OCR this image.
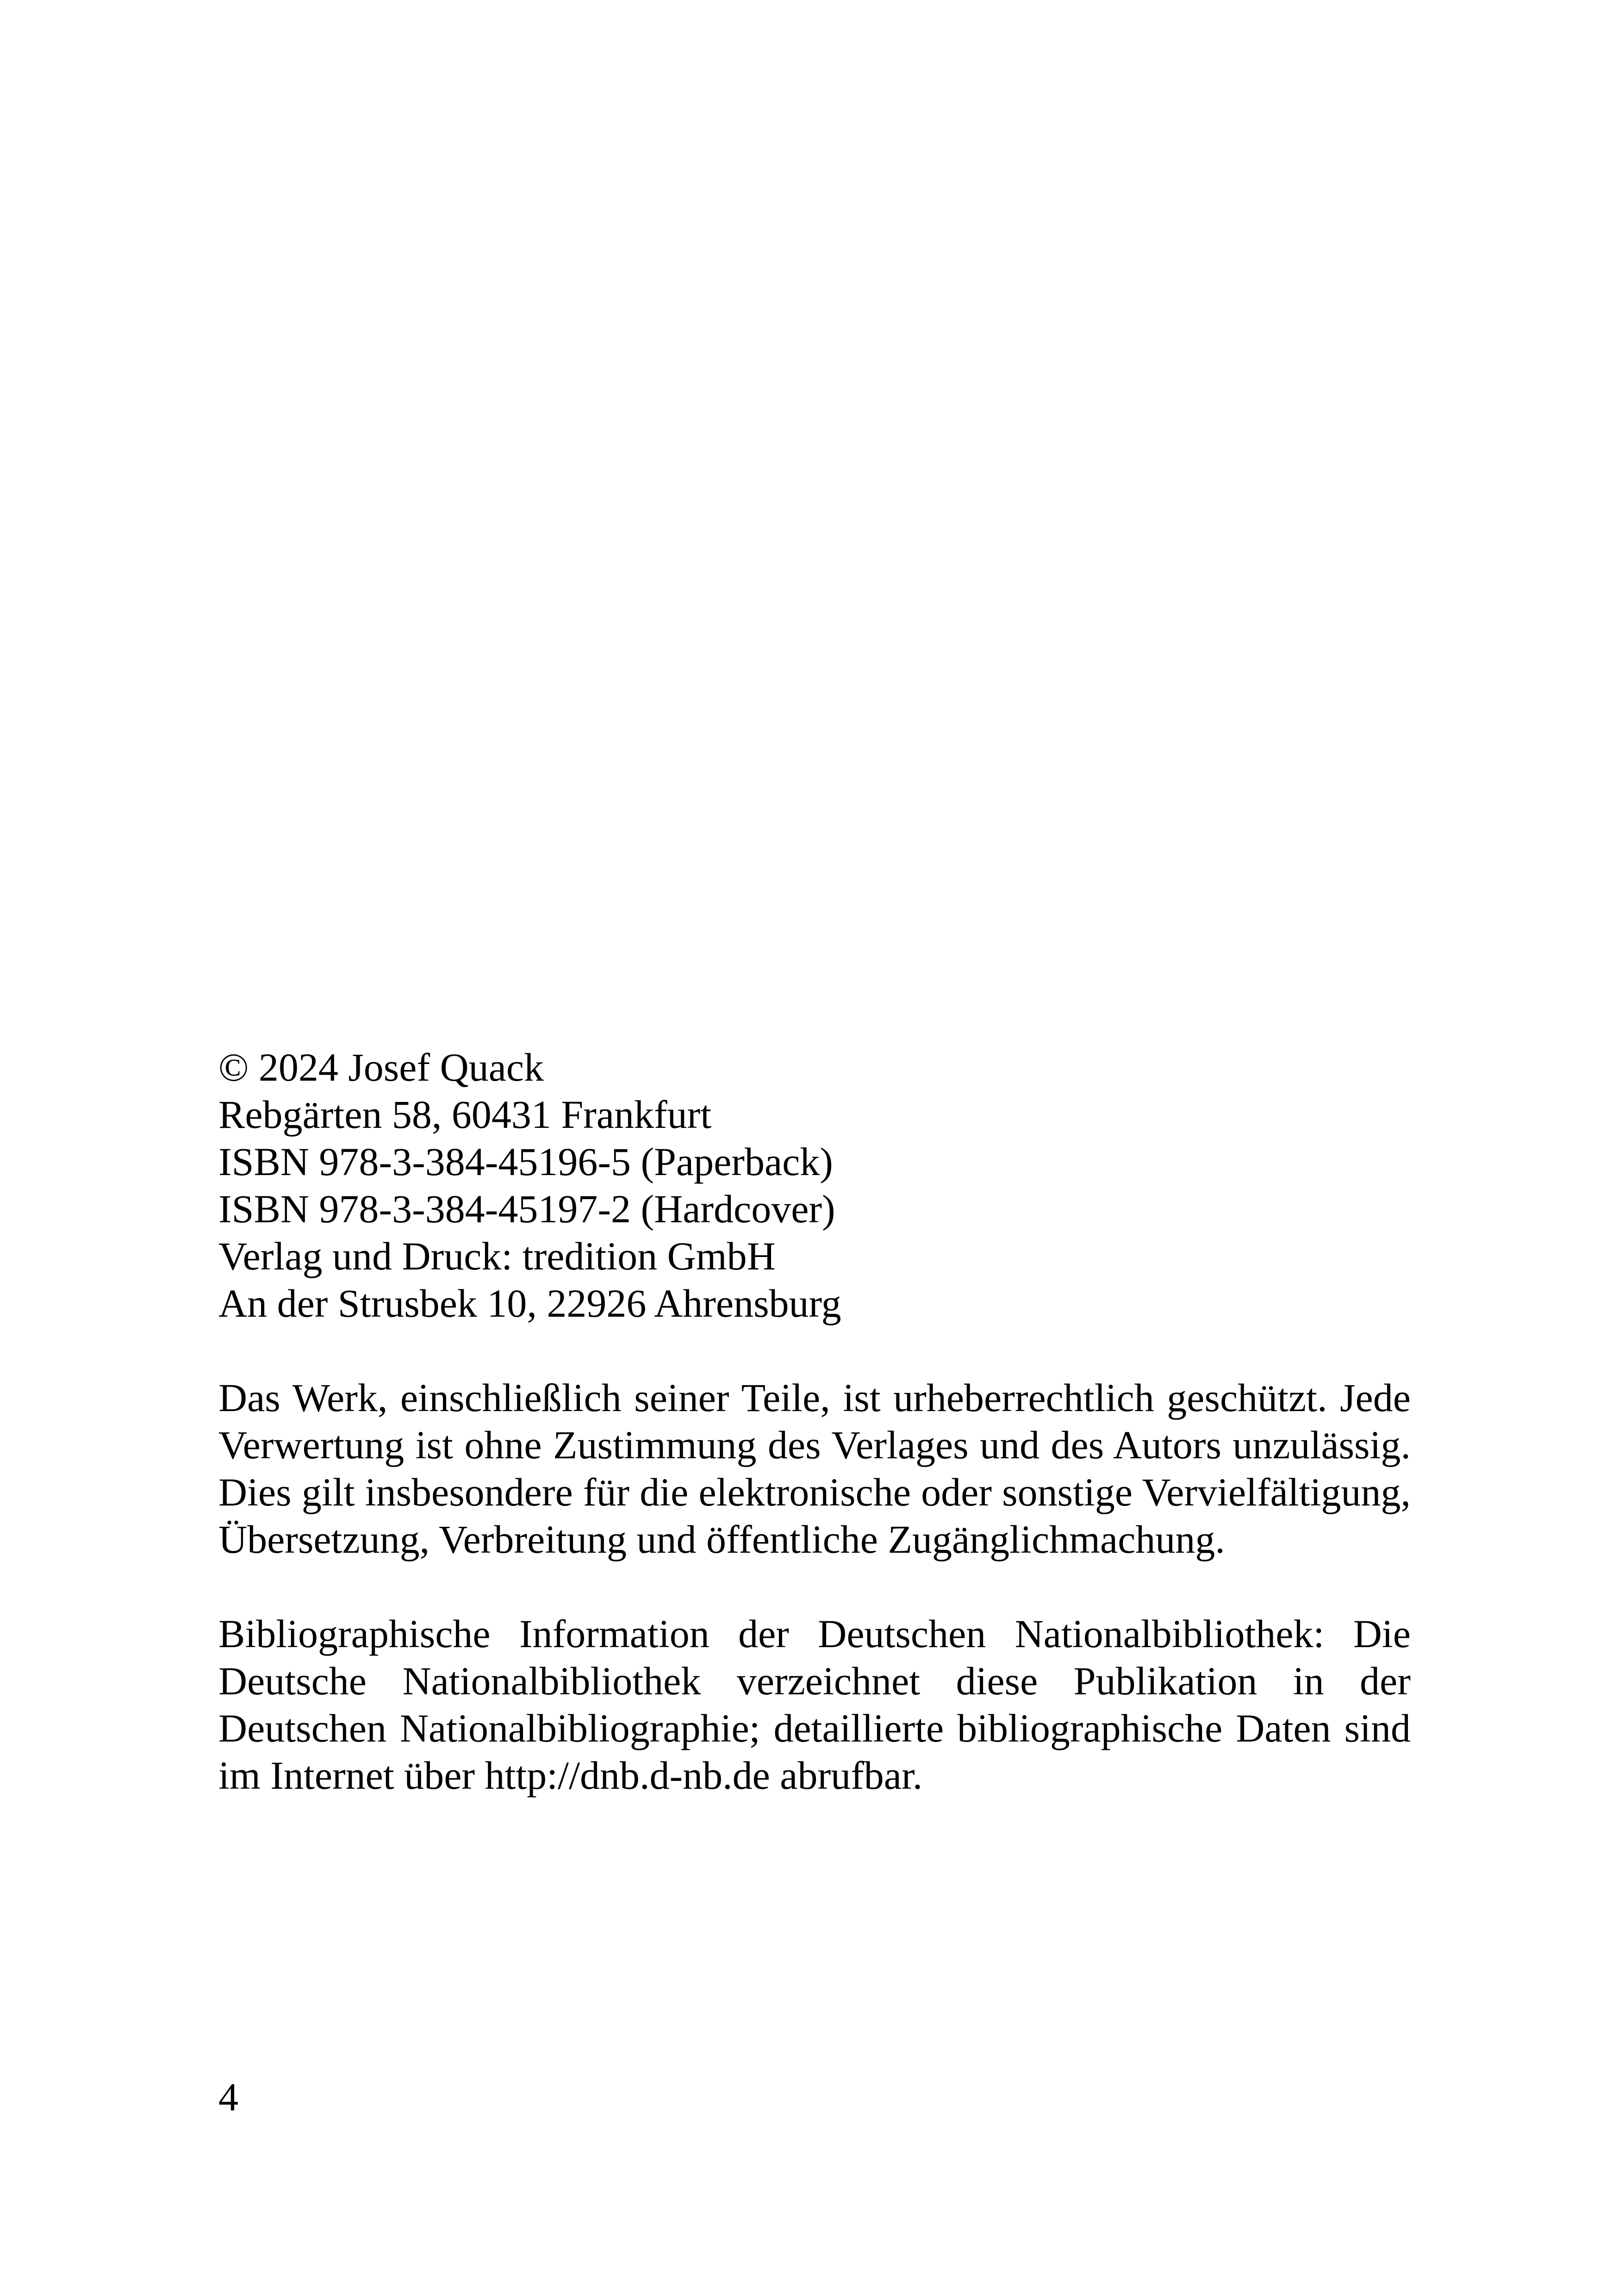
© 2024 Josef Quack
Rebgärten 58, 60431 Frankfurt
ISBN 978-3-384-45196-5 (Paperback)
ISBN 978-3-384-45197-2 (Hardcover)
Verlag und Druck: tredition GmbH
An der Strusbek 10, 22926 Ahrensburg

Das Werk, einschließlich seiner Teile, ist urheberrechtlich geschützt. Jede Verwertung ist ohne Zustimmung des Verlages und des Autors unzulässig. Dies gilt insbesondere für die elektronische oder sonstige Vervielfältigung, Übersetzung, Verbreitung und öffentliche Zugänglichmachung.

Bibliographische Information der Deutschen Nationalbibliothek: Die Deutsche Nationalbibliothek verzeichnet diese Publikation in der Deutschen Nationalbibliographie; detaillierte bibliographische Daten sind im Internet über http://dnb.d-nb.de abrufbar.

4
